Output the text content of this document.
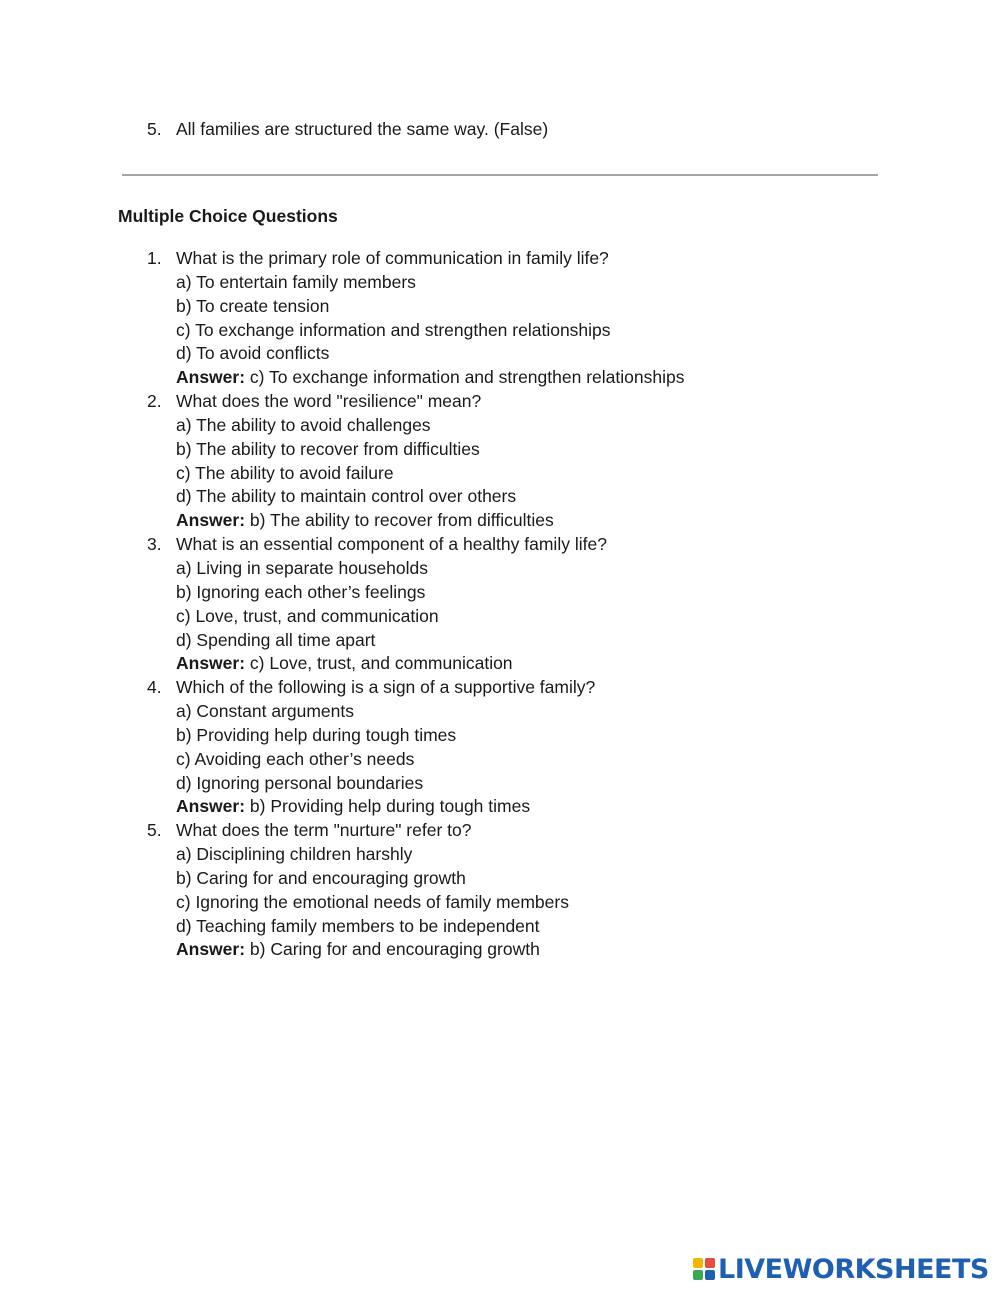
5. All families are structured the same way. (False)
Multiple Choice Questions
1. What is the primary role of communication in family life?
a) To entertain family members
b) To create tension
c) To exchange information and strengthen relationships
d) To avoid conflicts
Answer: c) To exchange information and strengthen relationships
2. What does the word "resilience" mean?
a) The ability to avoid challenges
b) The ability to recover from difficulties
c) The ability to avoid failure
d) The ability to maintain control over others
Answer: b) The ability to recover from difficulties
3. What is an essential component of a healthy family life?
a) Living in separate households
b) Ignoring each other’s feelings
c) Love, trust, and communication
d) Spending all time apart
Answer: c) Love, trust, and communication
4. Which of the following is a sign of a supportive family?
a) Constant arguments
b) Providing help during tough times
c) Avoiding each other’s needs
d) Ignoring personal boundaries
Answer: b) Providing help during tough times
5. What does the term "nurture" refer to?
a) Disciplining children harshly
b) Caring for and encouraging growth
c) Ignoring the emotional needs of family members
d) Teaching family members to be independent
Answer: b) Caring for and encouraging growth
LIVEWORKSHEETS
